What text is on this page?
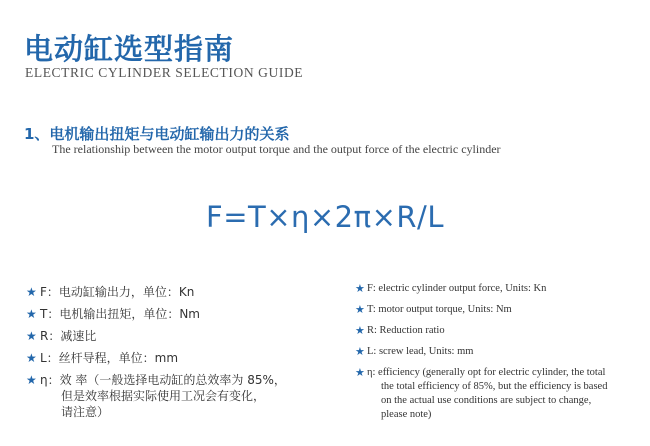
电动缸选型指南
ELECTRIC CYLINDER SELECTION GUIDE
1、电机输出扭矩与电动缸输出力的关系
The relationship between the motor output torque and the output force of the electric cylinder
F=T×η×2π×R/L
★ F：电动缸输出力，单位：Kn
★ T：电机输出扭矩，单位：Nm
★ R：减速比
★ L：丝杆导程，单位：mm
★ η：效 率（一般选择电动缸的总效率为 85%，
但是效率根据实际使用工况会有变化，
请注意）
★ F: electric cylinder output force, Units: Kn
★ T: motor output torque, Units: Nm
★ R: Reduction ratio
★ L: screw lead, Units: mm
★ η: efficiency (generally opt for electric cylinder, the total
the total efficiency of 85%, but the efficiency is based
on the actual use conditions are subject to change,
please note)
